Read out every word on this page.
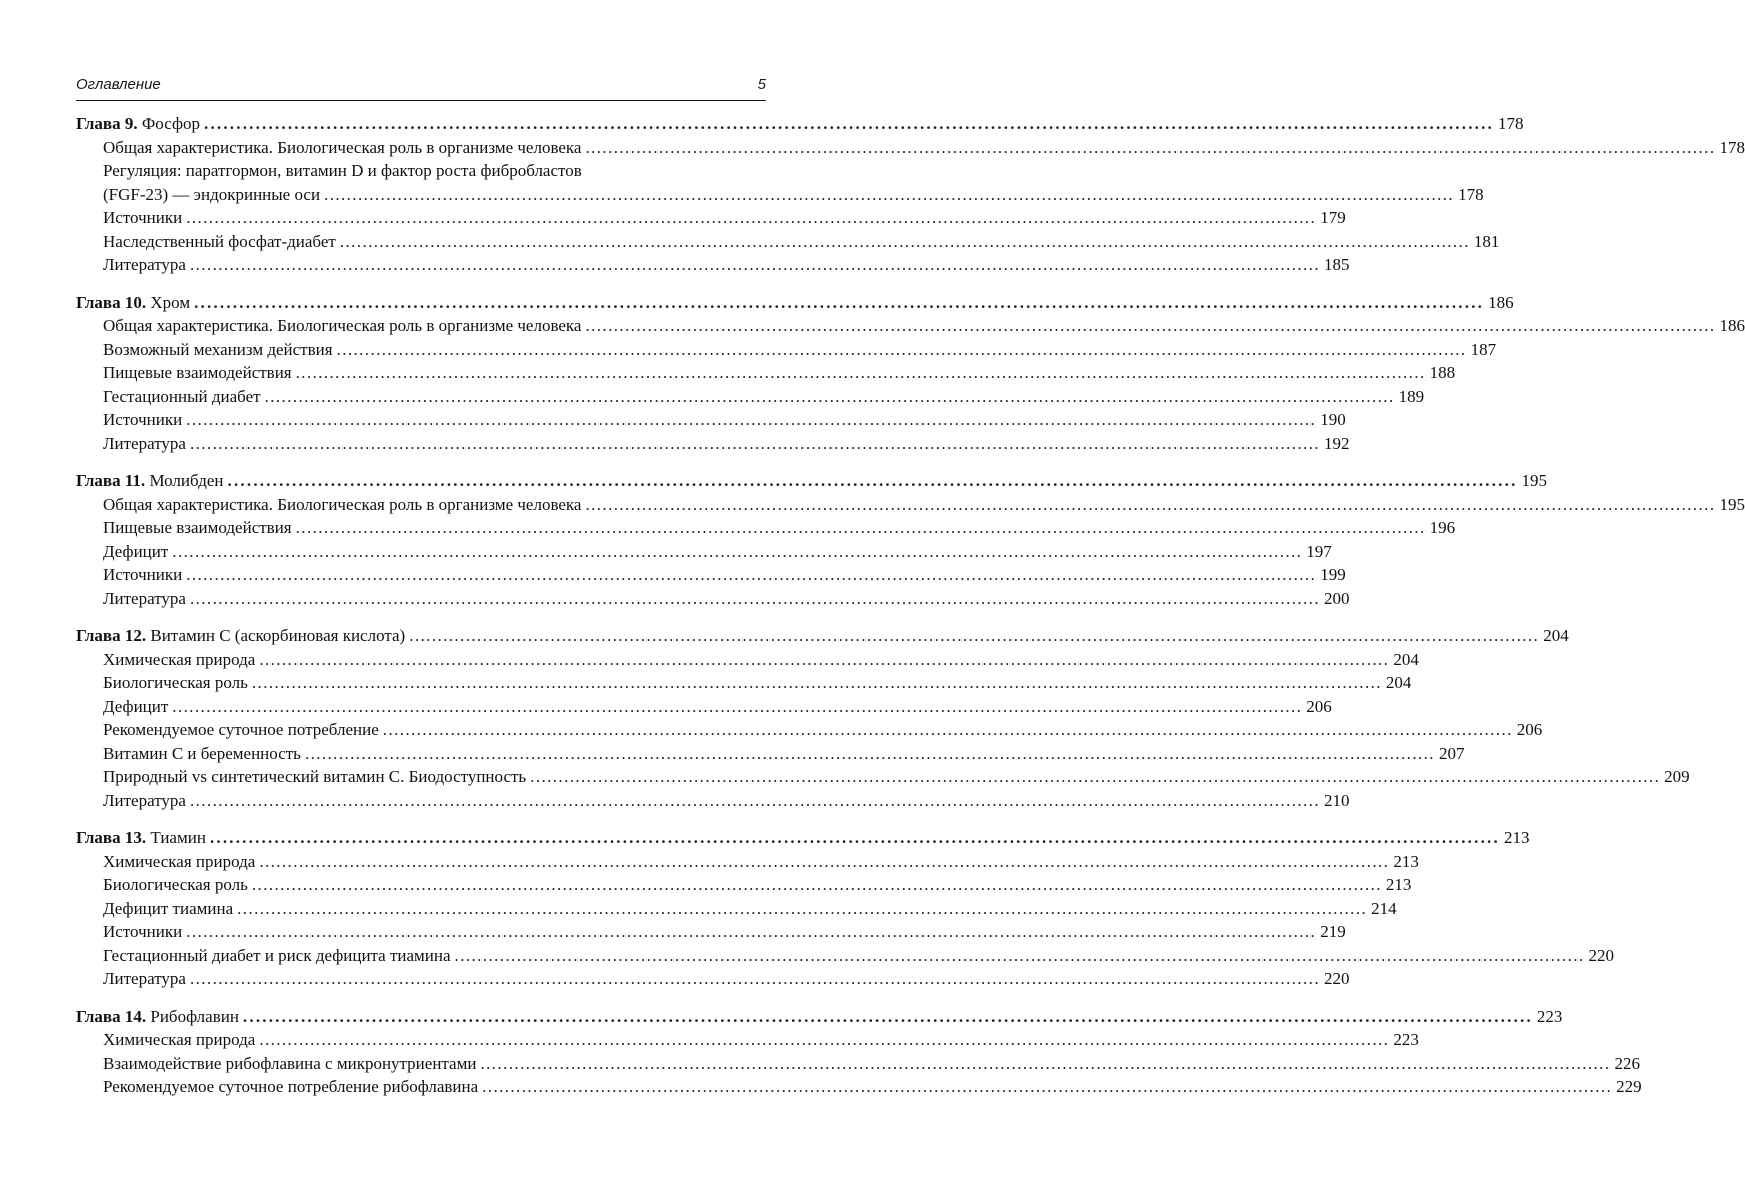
Оглавление	5
Глава 9. Фосфор ........................................................................................................................................................................................................ 178
Общая характеристика. Биологическая роль в организме человека ........................................................................................................................................................................................................ 178
Регуляция: паратгормон, витамин D и фактор роста фибробластов
(FGF-23) — эндокринные оси ........................................................................................................................................................................................................ 178
Источники ........................................................................................................................................................................................................ 179
Наследственный фосфат-диабет ........................................................................................................................................................................................................ 181
Литература ........................................................................................................................................................................................................ 185
Глава 10. Хром ........................................................................................................................................................................................................ 186
Общая характеристика. Биологическая роль в организме человека ........................................................................................................................................................................................................ 186
Возможный механизм действия ........................................................................................................................................................................................................ 187
Пищевые взаимодействия ........................................................................................................................................................................................................ 188
Гестационный диабет ........................................................................................................................................................................................................ 189
Источники ........................................................................................................................................................................................................ 190
Литература ........................................................................................................................................................................................................ 192
Глава 11. Молибден ........................................................................................................................................................................................................ 195
Общая характеристика. Биологическая роль в организме человека ........................................................................................................................................................................................................ 195
Пищевые взаимодействия ........................................................................................................................................................................................................ 196
Дефицит ........................................................................................................................................................................................................ 197
Источники ........................................................................................................................................................................................................ 199
Литература ........................................................................................................................................................................................................ 200
Глава 12. Витамин С (аскорбиновая кислота) ........................................................................................................................................................................................................ 204
Химическая природа ........................................................................................................................................................................................................ 204
Биологическая роль ........................................................................................................................................................................................................ 204
Дефицит ........................................................................................................................................................................................................ 206
Рекомендуемое суточное потребление ........................................................................................................................................................................................................ 206
Витамин С и беременность ........................................................................................................................................................................................................ 207
Природный vs синтетический витамин С. Биодоступность ........................................................................................................................................................................................................ 209
Литература ........................................................................................................................................................................................................ 210
Глава 13. Тиамин ........................................................................................................................................................................................................ 213
Химическая природа ........................................................................................................................................................................................................ 213
Биологическая роль ........................................................................................................................................................................................................ 213
Дефицит тиамина ........................................................................................................................................................................................................ 214
Источники ........................................................................................................................................................................................................ 219
Гестационный диабет и риск дефицита тиамина ........................................................................................................................................................................................................ 220
Литература ........................................................................................................................................................................................................ 220
Глава 14. Рибофлавин ........................................................................................................................................................................................................ 223
Химическая природа ........................................................................................................................................................................................................ 223
Взаимодействие рибофлавина с микронутриентами ........................................................................................................................................................................................................ 226
Рекомендуемое суточное потребление рибофлавина ........................................................................................................................................................................................................ 229
